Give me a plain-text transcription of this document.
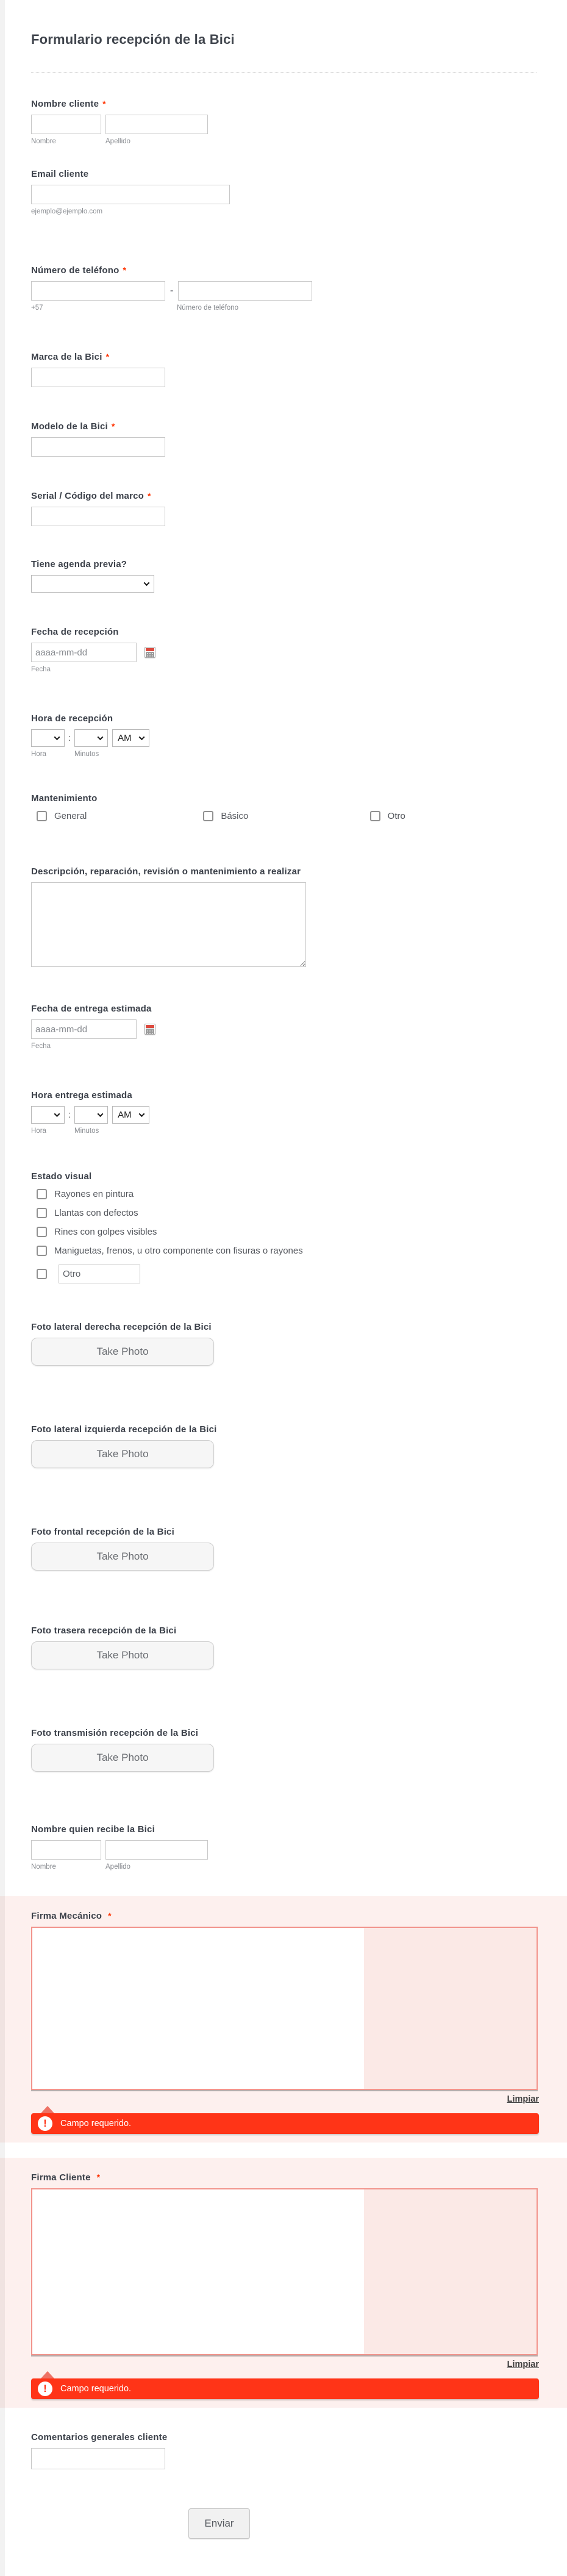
Formulario recepción de la Bici
Nombre cliente *
Nombre	Apellido
Email cliente
ejemplo@ejemplo.com
Número de teléfono *
-
+57	Número de teléfono
Marca de la Bici *
Modelo de la Bici *
Serial / Código del marco *
Tiene agenda previa?
Fecha de recepción
aaaa-mm-dd
Fecha
Hora de recepción
:	AM
Hora	Minutos
Mantenimiento
General	Básico	Otro
Descripción, reparación, revisión o mantenimiento a realizar
Fecha de entrega estimada
aaaa-mm-dd
Fecha
Hora entrega estimada
:	AM
Hora	Minutos
Estado visual
Rayones en pintura
Llantas con defectos
Rines con golpes visibles
Maniguetas, frenos, u otro componente con fisuras o rayones
Otro
Foto lateral derecha recepción de la Bici
Take Photo
Foto lateral izquierda recepción de la Bici
Take Photo
Foto frontal recepción de la Bici
Take Photo
Foto trasera recepción de la Bici
Take Photo
Foto transmisión recepción de la Bici
Take Photo
Nombre quien recibe la Bici
Nombre	Apellido
Firma Mecánico *
Limpiar
!	Campo requerido.
Firma Cliente *
Limpiar
!	Campo requerido.
Comentarios generales cliente
Enviar
